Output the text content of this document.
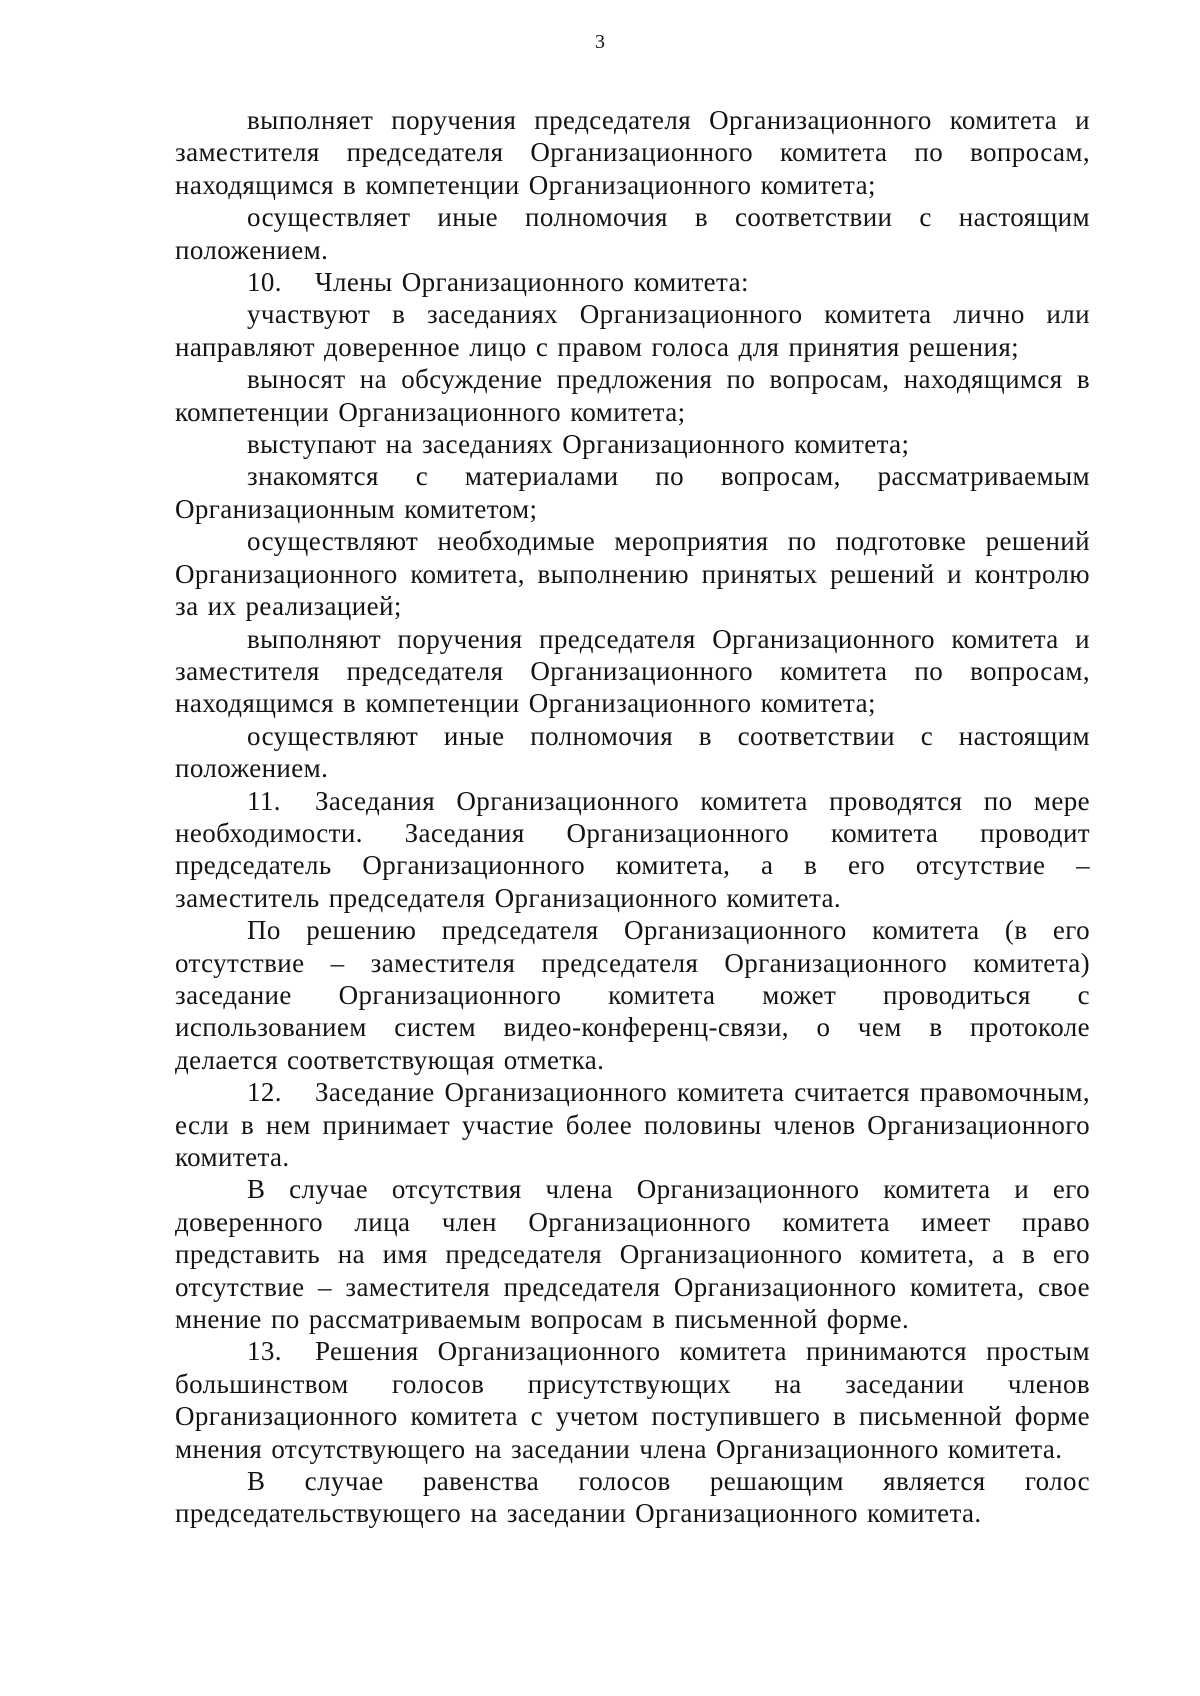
3

выполняет поручения председателя Организационного комитета и заместителя председателя Организационного комитета по вопросам, находящимся в компетенции Организационного комитета;

осуществляет иные полномочия в соответствии с настоящим положением.

10. Члены Организационного комитета:

участвуют в заседаниях Организационного комитета лично или направляют доверенное лицо с правом голоса для принятия решения;

выносят на обсуждение предложения по вопросам, находящимся в компетенции Организационного комитета;

выступают на заседаниях Организационного комитета;

знакомятся с материалами по вопросам, рассматриваемым Организационным комитетом;

осуществляют необходимые мероприятия по подготовке решений Организационного комитета, выполнению принятых решений и контролю за их реализацией;

выполняют поручения председателя Организационного комитета и заместителя председателя Организационного комитета по вопросам, находящимся в компетенции Организационного комитета;

осуществляют иные полномочия в соответствии с настоящим положением.

11. Заседания Организационного комитета проводятся по мере необходимости. Заседания Организационного комитета проводит председатель Организационного комитета, а в его отсутствие – заместитель председателя Организационного комитета.

По решению председателя Организационного комитета (в его отсутствие – заместителя председателя Организационного комитета) заседание Организационного комитета может проводиться с использованием систем видео-конференц-связи, о чем в протоколе делается соответствующая отметка.

12. Заседание Организационного комитета считается правомочным, если в нем принимает участие более половины членов Организационного комитета.

В случае отсутствия члена Организационного комитета и его доверенного лица член Организационного комитета имеет право представить на имя председателя Организационного комитета, а в его отсутствие – заместителя председателя Организационного комитета, свое мнение по рассматриваемым вопросам в письменной форме.

13. Решения Организационного комитета принимаются простым большинством голосов присутствующих на заседании членов Организационного комитета с учетом поступившего в письменной форме мнения отсутствующего на заседании члена Организационного комитета.

В случае равенства голосов решающим является голос председательствующего на заседании Организационного комитета.
